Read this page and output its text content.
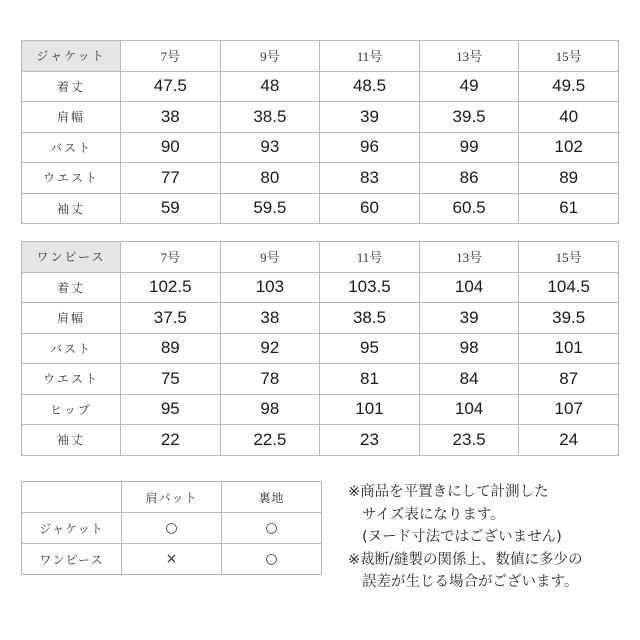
ジャケット	7号	9号	11号	13号	15号
着丈	47.5	48	48.5	49	49.5
肩幅	38	38.5	39	39.5	40
バスト	90	93	96	99	102
ウエスト	77	80	83	86	89
袖丈	59	59.5	60	60.5	61
ワンピース	7号	9号	11号	13号	15号
着丈	102.5	103	103.5	104	104.5
肩幅	37.5	38	38.5	39	39.5
バスト	89	92	95	98	101
ウエスト	75	78	81	84	87
ヒップ	95	98	101	104	107
袖丈	22	22.5	23	23.5	24
	肩パット	裏地
ジャケット	○	○
ワンピース	×	○
※商品を平置きにして計測した
サイズ表になります。
(ヌード寸法ではございません)
※裁断/縫製の関係上、数値に多少の
誤差が生じる場合がございます。
